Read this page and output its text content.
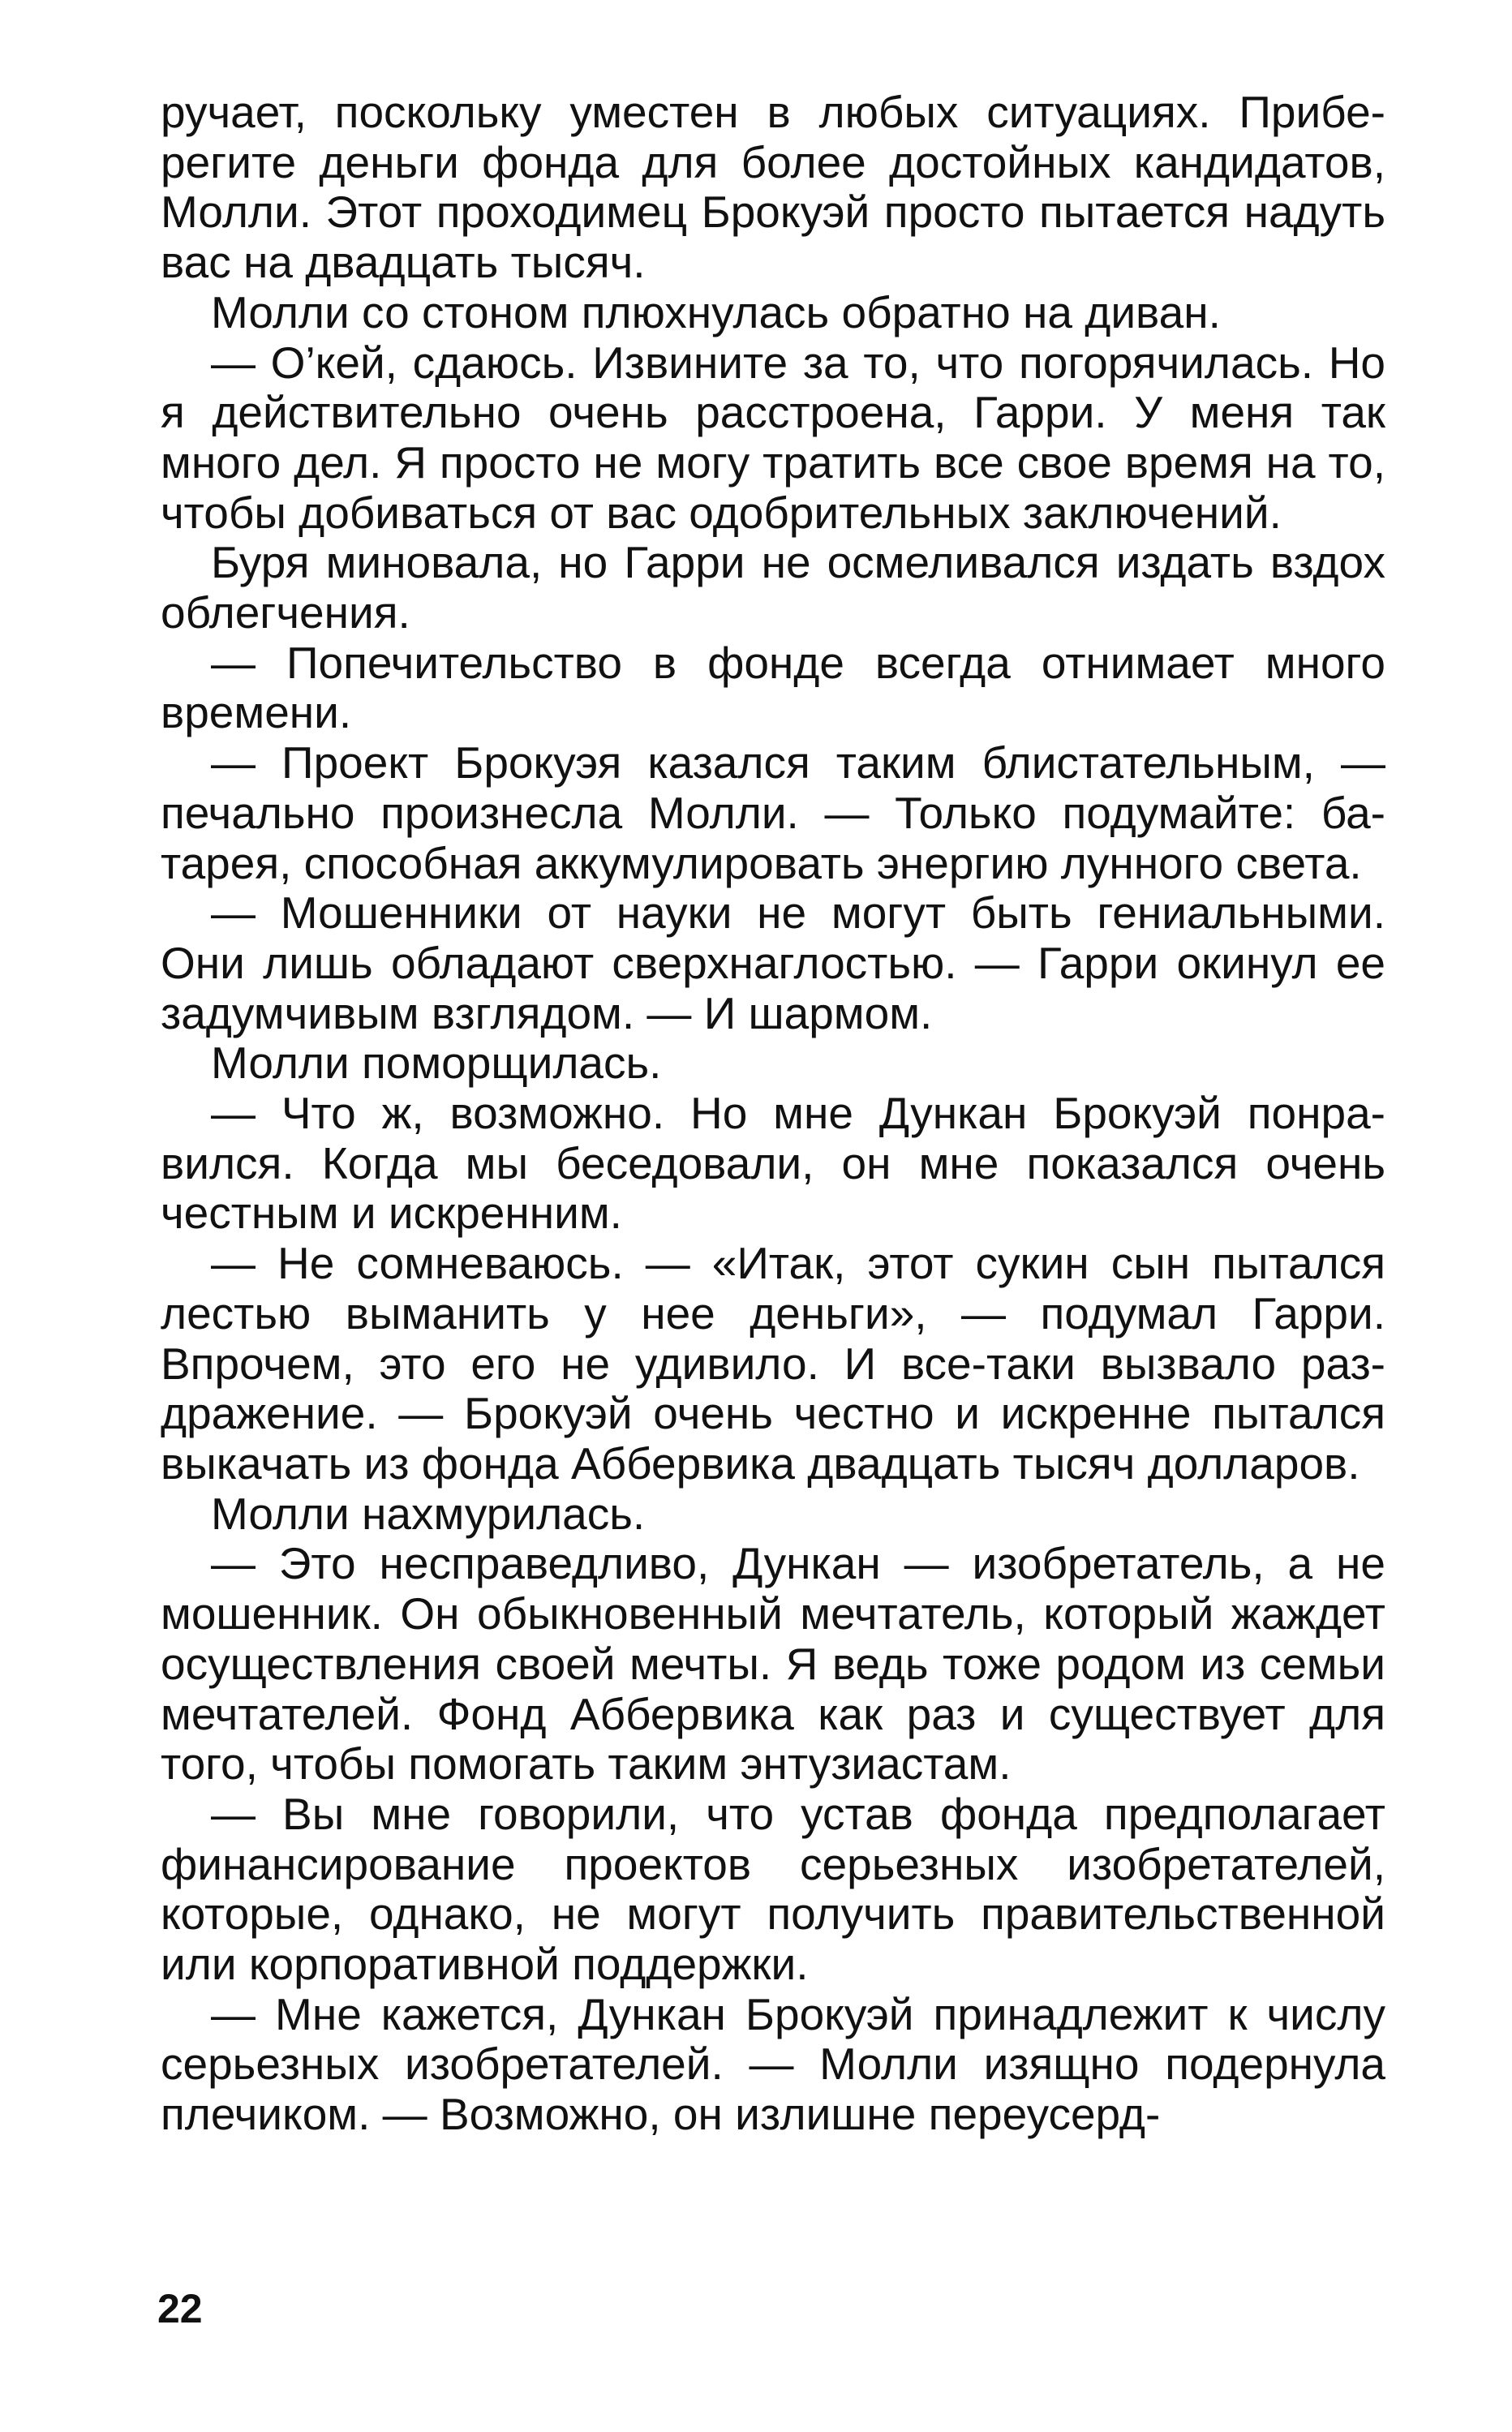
ручает, поскольку уместен в любых ситуациях. Приберегите деньги фонда для более достойных кандидатов, Молли. Этот проходимец Брокуэй просто пытается надуть вас на двадцать тысяч.

Молли со стоном плюхнулась обратно на диван.

— О’кей, сдаюсь. Извините за то, что погорячилась. Но я действительно очень расстроена, Гарри. У меня так много дел. Я просто не могу тратить все свое время на то, чтобы добиваться от вас одобрительных заключений.

Буря миновала, но Гарри не осмеливался издать вздох облегчения.

— Попечительство в фонде всегда отнимает много времени.

— Проект Брокуэя казался таким блистательным, — печально произнесла Молли. — Только подумайте: батарея, способная аккумулировать энергию лунного света.

— Мошенники от науки не могут быть гениальными. Они лишь обладают сверхнаглостью. — Гарри окинул ее задумчивым взглядом. — И шармом.

Молли поморщилась.

— Что ж, возможно. Но мне Дункан Брокуэй понравился. Когда мы беседовали, он мне показался очень честным и искренним.

— Не сомневаюсь. — «Итак, этот сукин сын пытался лестью выманить у нее деньги», — подумал Гарри. Впрочем, это его не удивило. И все-таки вызвало раздражение. — Брокуэй очень честно и искренне пытался выкачать из фонда Аббервика двадцать тысяч долларов.

Молли нахмурилась.

— Это несправедливо, Дункан — изобретатель, а не мошенник. Он обыкновенный мечтатель, который жаждет осуществления своей мечты. Я ведь тоже родом из семьи мечтателей. Фонд Аббервика как раз и существует для того, чтобы помогать таким энтузиастам.

— Вы мне говорили, что устав фонда предполагает финансирование проектов серьезных изобретателей, которые, однако, не могут получить правительственной или корпоративной поддержки.

— Мне кажется, Дункан Брокуэй принадлежит к числу серьезных изобретателей. — Молли изящно подернула плечиком. — Возможно, он излишне переусерд-

22
